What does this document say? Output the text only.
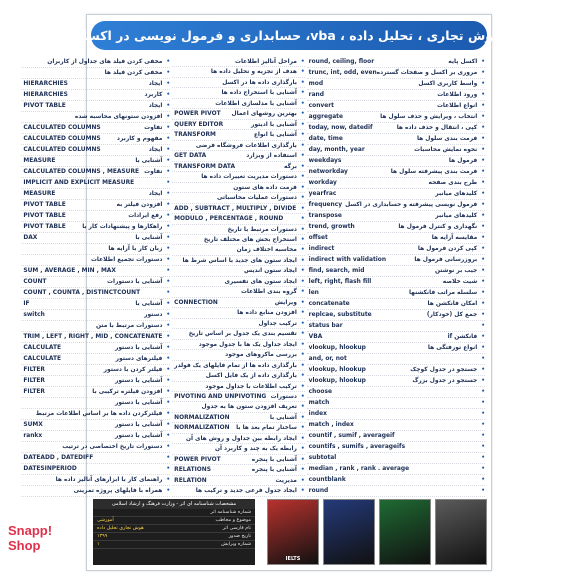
Snapp!
Shop
هوش تجاری ، تحلیل داده ، vba، حسابداری و فرمول نویسی در اکسل
•
اکسل پایه
round, ceiling, floor
•
مروری بر اکسل و صفحات گسترده
trunc, int, odd, even
•
واسط کاربری اکسل
mod
•
ورود اطلاعات
rand
•
انواع اطلاعات
convert
•
انتخاب ، ویرایش و حذف سلول ها
aggregate
•
کپی ، انتقال و حذف داده ها
today, now, datedif
•
فرمت بندی سلول ها
date, time
•
نحوه نمایش محاسبات
day, month, year
•
فرمول ها
weekdays
•
فرمت بندی پیشرفته سلول ها
networkday
•
طرح بندی صفحه
workday
•
کلیدهای میانبر
yearfrac
•
فرمول نویسی پیشرفته و حسابداری در اکسل
frequency
•
کلیدهای میانبر
transpose
•
نگهداری و کنترل فرمول ها
trend, growth
•
مقایسه آرایه ها
offset
•
کپی کردن فرمول ها
indirect
•
بروزرسانی فرمول ها
indirect with validation
•
جیب بر نوشتن
find, search, mid
•
شیت خلاصه
left, right, flash fill
•
سلسله مراتب فانکشنها
len
•
امکان فانکشن ها
concatenate
•
جمع کل (خودکار)
replcae, substitute
•
status bar
•
فانکشن if
VBA
•
انواع تورفتگی ها
vlookup, hlookup
•
and, or, not
•
جستجو در جدول کوچک
vlookup, hlookup
•
جستجو در جدول بزرگ
vlookup, hlookup
•
choose
•
match
•
index
•
match , index
•
countif , sumif , averageif
•
countifs , sumifs , averageifs
•
subtotal
•
median , rank , rank . average
•
countblank
•
round
•
مراحل آنالیز اطلاعات
•
هدف از تجزیه و تحلیل داده ها
•
بارگذاری داده ها در اکسل
•
آشنایی با استخراج داده ها
•
آشنایی با مدلسازی اطلاعات
•
بهترین روشهای اعمال
POWER PIVOT
•
آشنایی با ادیتور
QUERY EDITOR
•
آشنایی با انواع
TRANSFORM
•
بارگذاری اطلاعات فروشگاه فرضی
•
استفاده از ویزارد
GET DATA
•
برگه
TRANSFORM DATA
•
دستورات مدیریت تغییرات داده ها
•
فرمت داده های ستون
•
دستورات عملیات محاسباتی
•
ADD , SUBTRACT , MULTIPLY , DIVIDE
•
MODULO , PERCENTAGE , ROUND
•
دستورات مرتبط با تاریخ
•
استخراج بخش های مختلف تاریخ
•
محاسبه اختلاف زمان
•
ایجاد ستون های جدید با اساس شرط ها
•
ایجاد ستون اندیس
•
ایجاد ستون های تفسیری
•
گروه بندی اطلاعات
•
ویرایش
CONNECTION
•
افزودن منابع داده ها
•
ترکیب جداول
•
تقسیم بندی یک جدول بر اساس تاریخ
•
ایجاد جداول یک ها با جدول موجود
•
بررسی ماکروهای موجود
•
بارگذاری داده ها از تمام فایلهای یک فولدر
•
بارگذاری داده از یک فایل اکسل
•
ترکیب اطلاعات با جداول موجود
•
دستورات
PIVOTING AND UNPIVOTING
•
تعریف افزودن ستون ها به جدول
•
آشنایی با
NORMALIZATION
•
ساختار تمام بعد ها با
NORMALIZATION
•
ایجاد رابطه بین جداول و روش های آن
•
رابطه یک به چند و کاربرد آن
•
آشنایی با پنجره
POWER PIVOT
•
آشنایی با پنجره
RELATIONS
•
مدیریت
RELATION
•
ایجاد جدول فرعی جدید و ترکیب ها
•
مخفی کردن فیلد های جداول از کاربران
•
مخفی کردن فیلد ها
•
ایجاد
HIERARCHIES
•
کاربرد
HIERARCHIES
•
ایجاد
PIVOT TABLE
•
افزودن ستونهای محاسبه شده
•
تفاوت
CALCULATED COLUMNS
•
مفهوم و کاربرد
CALCULATED COLUMNS
•
ایجاد
CALCULATED COLUMNS
•
آشنایی با
MEASURE
•
تفاوت
CALCULATED COLUMNS , MEASURE
•
IMPLICIT AND EXPLICIT MEASURE
•
ایجاد
MEASURE
•
افزودن فیلتر به
PIVOT TABLE
•
رفع ایرادات
PIVOT TABLE
•
راهکارها و پیشنهادات کار با
PIVOT TABLE
•
آشنایی با
DAX
•
زبان کار با آرایه ها
•
دستورات تجمیع اطلاعات
•
SUM , AVERAGE , MIN , MAX
•
آشنایی با دستورات
COUNT
•
COUNT , COUNTA , DISTINCTCOUNT
•
آشنایی با
IF
•
دستور
switch
•
دستورات مرتبط با متن
•
TRIM , LEFT , RIGHT , MID , CONCATENATE
•
آشنایی با دستور
CALCULATE
•
فیلترهای دستور
CALCULATE
•
فیلتر کردن با دستور
FILTER
•
آشنایی با دستور
FILTER
•
افزودن فیلتره ترکیبی با
FILTER
•
آشنایی با دستور
•
فیلترکردن داده ها بر اساس اطلاعات مرتبط
•
آشنایی با دستور
SUMX
•
آشنایی با دستور
rankx
•
دستورات تاریخ اختصاصی در ترتیب
•
DATEADD , DATEDIFF
•
DATESINPERIOD
•
راهنمای کار با ابزارهای آنالیز داده ها
•
همراه با فایلهای پروژه تمرینی
مشخصات شناسنامه ای اثر - وزارت فرهنگ و ارشاد اسلامی
شماره شناسنامه اثر
موضوع و مخاطب
آموزشی
نام فارسی اثر
هوش تجاری تحلیل داده
تاریخ صدور
۱۳۹۹
شماره ویرایش
۱
IELTS
